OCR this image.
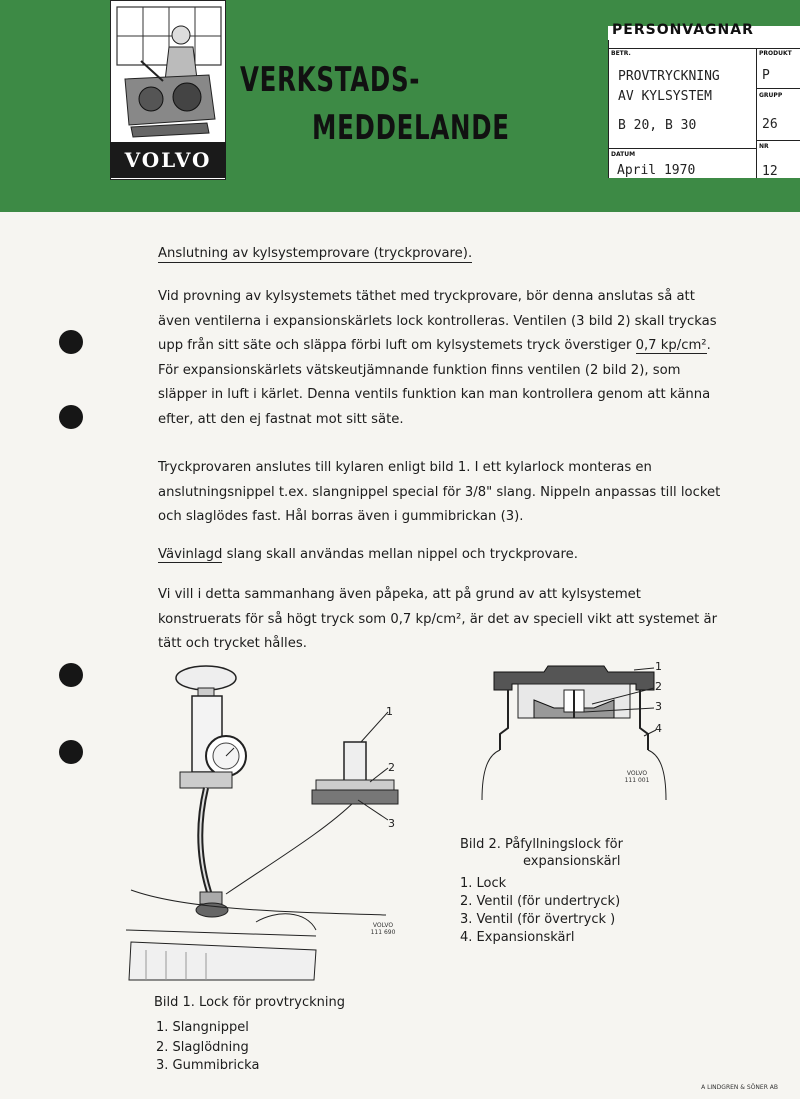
VOLVO
VERKSTADS-
MEDDELANDE
PERSONVAGNAR
BETR.
PROVTRYCKNING
AV KYLSYSTEM
B 20, B 30
PRODUKT
P
GRUPP
26
NR
12
DATUM
April 1970
Anslutning av kylsystemprovare (tryckprovare).
Vid provning av kylsystemets täthet med tryckprovare, bör denna anslutas så att även ventilerna i expansionskärlets lock kontrolleras. Ventilen (3 bild 2) skall tryckas upp från sitt säte och släppa förbi luft om kylsystemets tryck överstiger 0,7 kp/cm². För expansionskärlets vätskeutjämnande funktion finns ventilen (2 bild 2), som släpper in luft i kärlet. Denna ventils funktion kan man kontrollera genom att känna efter, att den ej fastnat mot sitt säte.
Tryckprovaren anslutes till kylaren enligt bild 1. I ett kylarlock monteras en anslutningsnippel t.ex. slangnippel special för 3/8" slang. Nippeln anpassas till locket och slaglödes fast. Hål borras även i gummibrickan (3).
Vävinlagd slang skall användas mellan nippel och tryckprovare.
Vi vill i detta sammanhang även påpeka, att på grund av att kylsystemet konstruerats för så högt tryck som 0,7 kp/cm², är det av speciell vikt att systemet är tätt och trycket hålles.
1
2
3
VOLVO
111 690
Bild 1. Lock för provtryckning
1. Slangnippel
2. Slaglödning
3. Gummibricka
1
2
3
4
VOLVO
111 001
Bild 2. Påfyllningslock för
expansionskärl
1. Lock
2. Ventil (för undertryck)
3. Ventil (för övertryck )
4. Expansionskärl
A LINDGREN & SÖNER AB
